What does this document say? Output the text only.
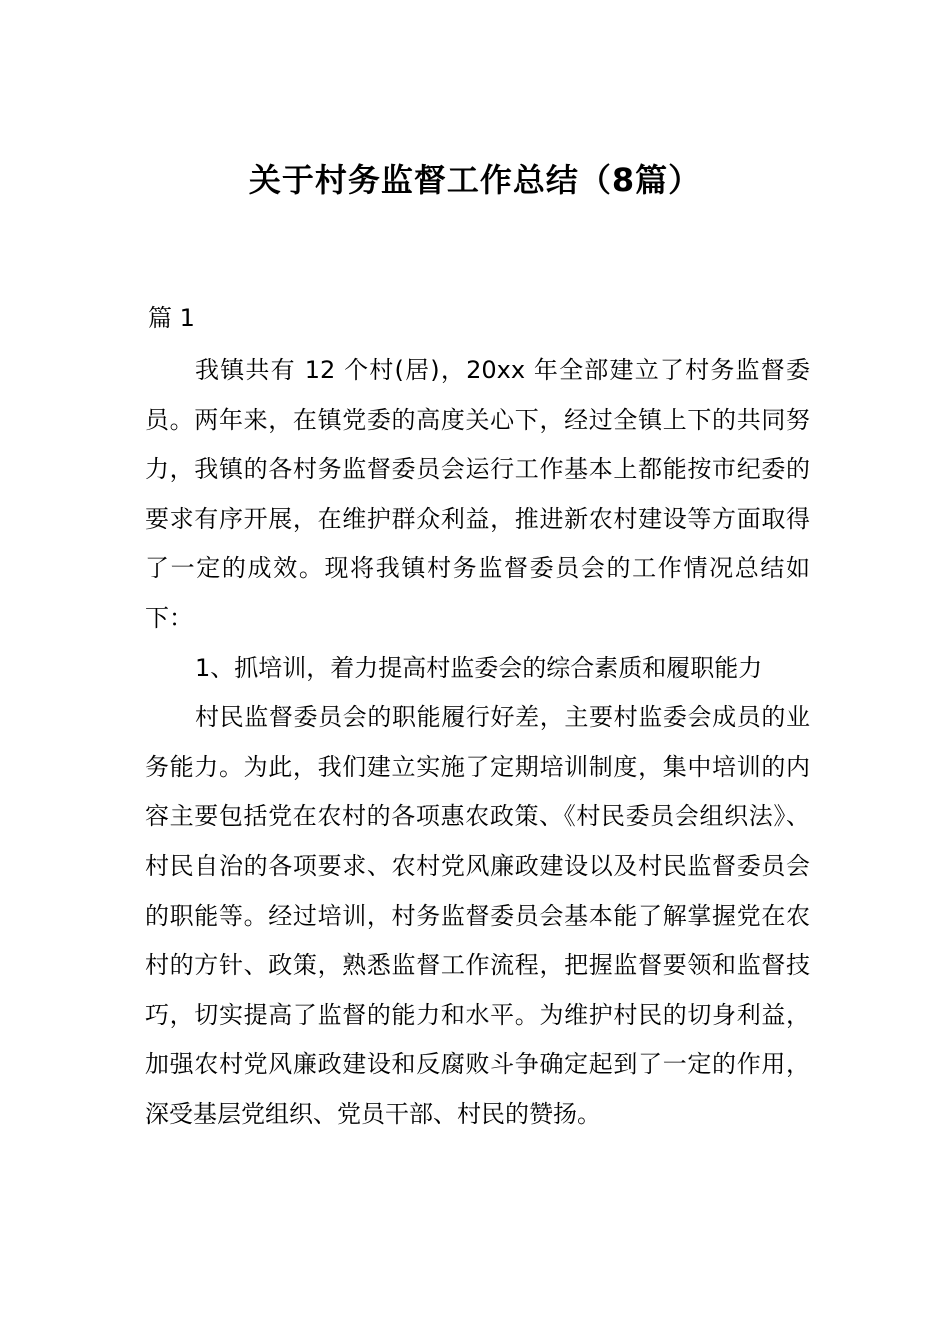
关于村务监督工作总结（8篇）
篇 1

我镇共有 12 个村(居)，20xx 年全部建立了村务监督委员。两年来，在镇党委的高度关心下，经过全镇上下的共同努力，我镇的各村务监督委员会运行工作基本上都能按市纪委的要求有序开展，在维护群众利益，推进新农村建设等方面取得了一定的成效。现将我镇村务监督委员会的工作情况总结如下：

1、抓培训，着力提高村监委会的综合素质和履职能力

村民监督委员会的职能履行好差，主要村监委会成员的业务能力。为此，我们建立实施了定期培训制度，集中培训的内容主要包括党在农村的各项惠农政策、《村民委员会组织法》、村民自治的各项要求、农村党风廉政建设以及村民监督委员会的职能等。经过培训，村务监督委员会基本能了解掌握党在农村的方针、政策，熟悉监督工作流程，把握监督要领和监督技巧，切实提高了监督的能力和水平。为维护村民的切身利益，加强农村党风廉政建设和反腐败斗争确定起到了一定的作用，深受基层党组织、党员干部、村民的赞扬。
